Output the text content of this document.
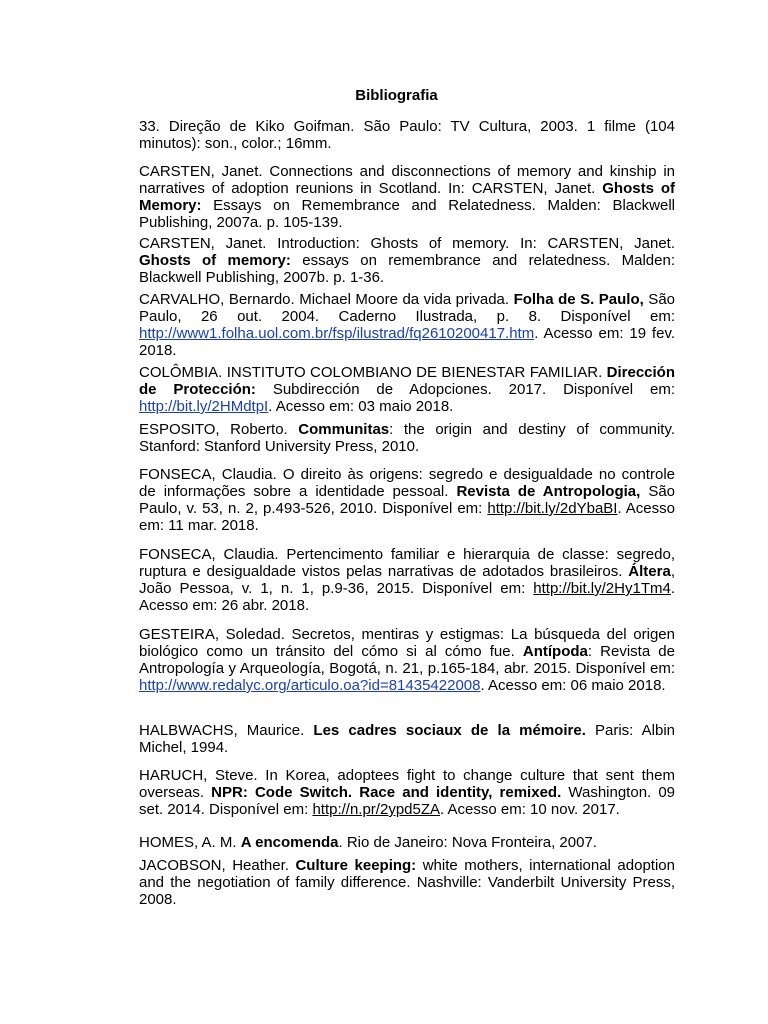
Bibliografia
33. Direção de Kiko Goifman. São Paulo: TV Cultura, 2003. 1 filme (104 minutos): son., color.; 16mm.
CARSTEN, Janet. Connections and disconnections of memory and kinship in narratives of adoption reunions in Scotland. In: CARSTEN, Janet. Ghosts of Memory: Essays on Remembrance and Relatedness. Malden: Blackwell Publishing, 2007a. p. 105-139.
CARSTEN, Janet. Introduction: Ghosts of memory. In: CARSTEN, Janet. Ghosts of memory: essays on remembrance and relatedness. Malden: Blackwell Publishing, 2007b. p. 1-36.
CARVALHO, Bernardo. Michael Moore da vida privada. Folha de S. Paulo, São Paulo, 26 out. 2004. Caderno Ilustrada, p. 8. Disponível em: http://www1.folha.uol.com.br/fsp/ilustrad/fq2610200417.htm. Acesso em: 19 fev. 2018.
COLÔMBIA. INSTITUTO COLOMBIANO DE BIENESTAR FAMILIAR. Dirección de Protección: Subdirección de Adopciones. 2017. Disponível em: http://bit.ly/2HMdtpI. Acesso em: 03 maio 2018.
ESPOSITO, Roberto. Communitas: the origin and destiny of community. Stanford: Stanford University Press, 2010.
FONSECA, Claudia. O direito às origens: segredo e desigualdade no controle de informações sobre a identidade pessoal. Revista de Antropologia, São Paulo, v. 53, n. 2, p.493-526, 2010. Disponível em: http://bit.ly/2dYbaBI. Acesso em: 11 mar. 2018.
FONSECA, Claudia. Pertencimento familiar e hierarquia de classe: segredo, ruptura e desigualdade vistos pelas narrativas de adotados brasileiros. Áltera, João Pessoa, v. 1, n. 1, p.9-36, 2015. Disponível em: http://bit.ly/2Hy1Tm4. Acesso em: 26 abr. 2018.
GESTEIRA, Soledad. Secretos, mentiras y estigmas: La búsqueda del origen biológico como un tránsito del cómo si al cómo fue. Antípoda: Revista de Antropología y Arqueología, Bogotá, n. 21, p.165-184, abr. 2015. Disponível em: http://www.redalyc.org/articulo.oa?id=81435422008. Acesso em: 06 maio 2018.
HALBWACHS, Maurice. Les cadres sociaux de la mémoire. Paris: Albin Michel, 1994.
HARUCH, Steve. In Korea, adoptees fight to change culture that sent them overseas. NPR: Code Switch. Race and identity, remixed. Washington. 09 set. 2014. Disponível em: http://n.pr/2ypd5ZA. Acesso em: 10 nov. 2017.
HOMES, A. M. A encomenda. Rio de Janeiro: Nova Fronteira, 2007.
JACOBSON, Heather. Culture keeping: white mothers, international adoption and the negotiation of family difference. Nashville: Vanderbilt University Press, 2008.
